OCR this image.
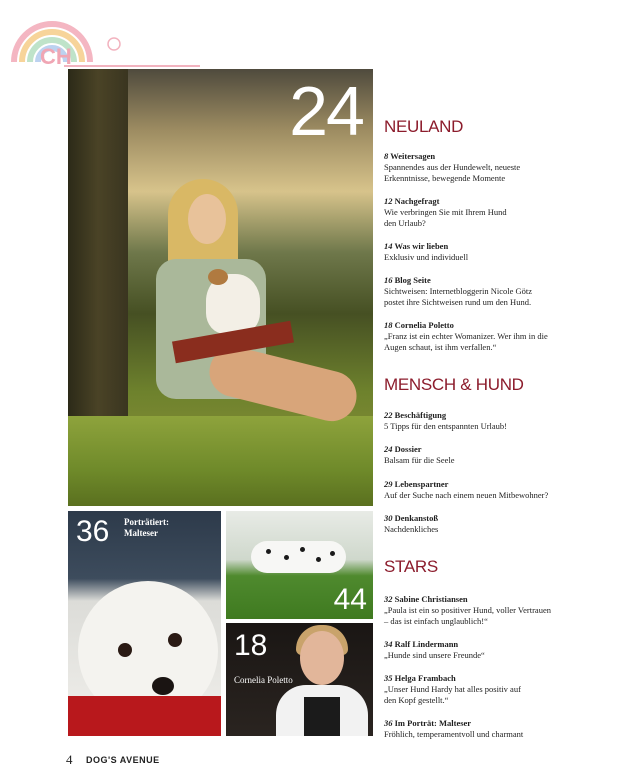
CH
24
36 Porträtiert: Malteser
44
18
Cornelia Poletto
NEULAND
8 Weitersagen
Spannendes aus der Hundewelt, neueste
Erkenntnisse, bewegende Momente
12 Nachgefragt
Wie verbringen Sie mit Ihrem Hund
den Urlaub?
14 Was wir lieben
Exklusiv und individuell
16 Blog Seite
Sichtweisen: Internetbloggerin Nicole Götz
postet ihre Sichtweisen rund um den Hund.
18 Cornelia Poletto
„Franz ist ein echter Womanizer. Wer ihm in die
Augen schaut, ist ihm verfallen.“
MENSCH & HUND
22 Beschäftigung
5 Tipps für den entspannten Urlaub!
24 Dossier
Balsam für die Seele
29 Lebenspartner
Auf der Suche nach einem neuen Mitbewohner?
30 Denkanstoß
Nachdenkliches
STARS
32 Sabine Christiansen
„Paula ist ein so positiver Hund, voller Vertrauen
– das ist einfach unglaublich!“
34 Ralf Lindermann
„Hunde sind unsere Freunde“
35 Helga Frambach
„Unser Hund Hardy hat alles positiv auf
den Kopf gestellt.“
36 Im Porträt: Malteser
Fröhlich, temperamentvoll und charmant
4 DOG'S AVENUE
